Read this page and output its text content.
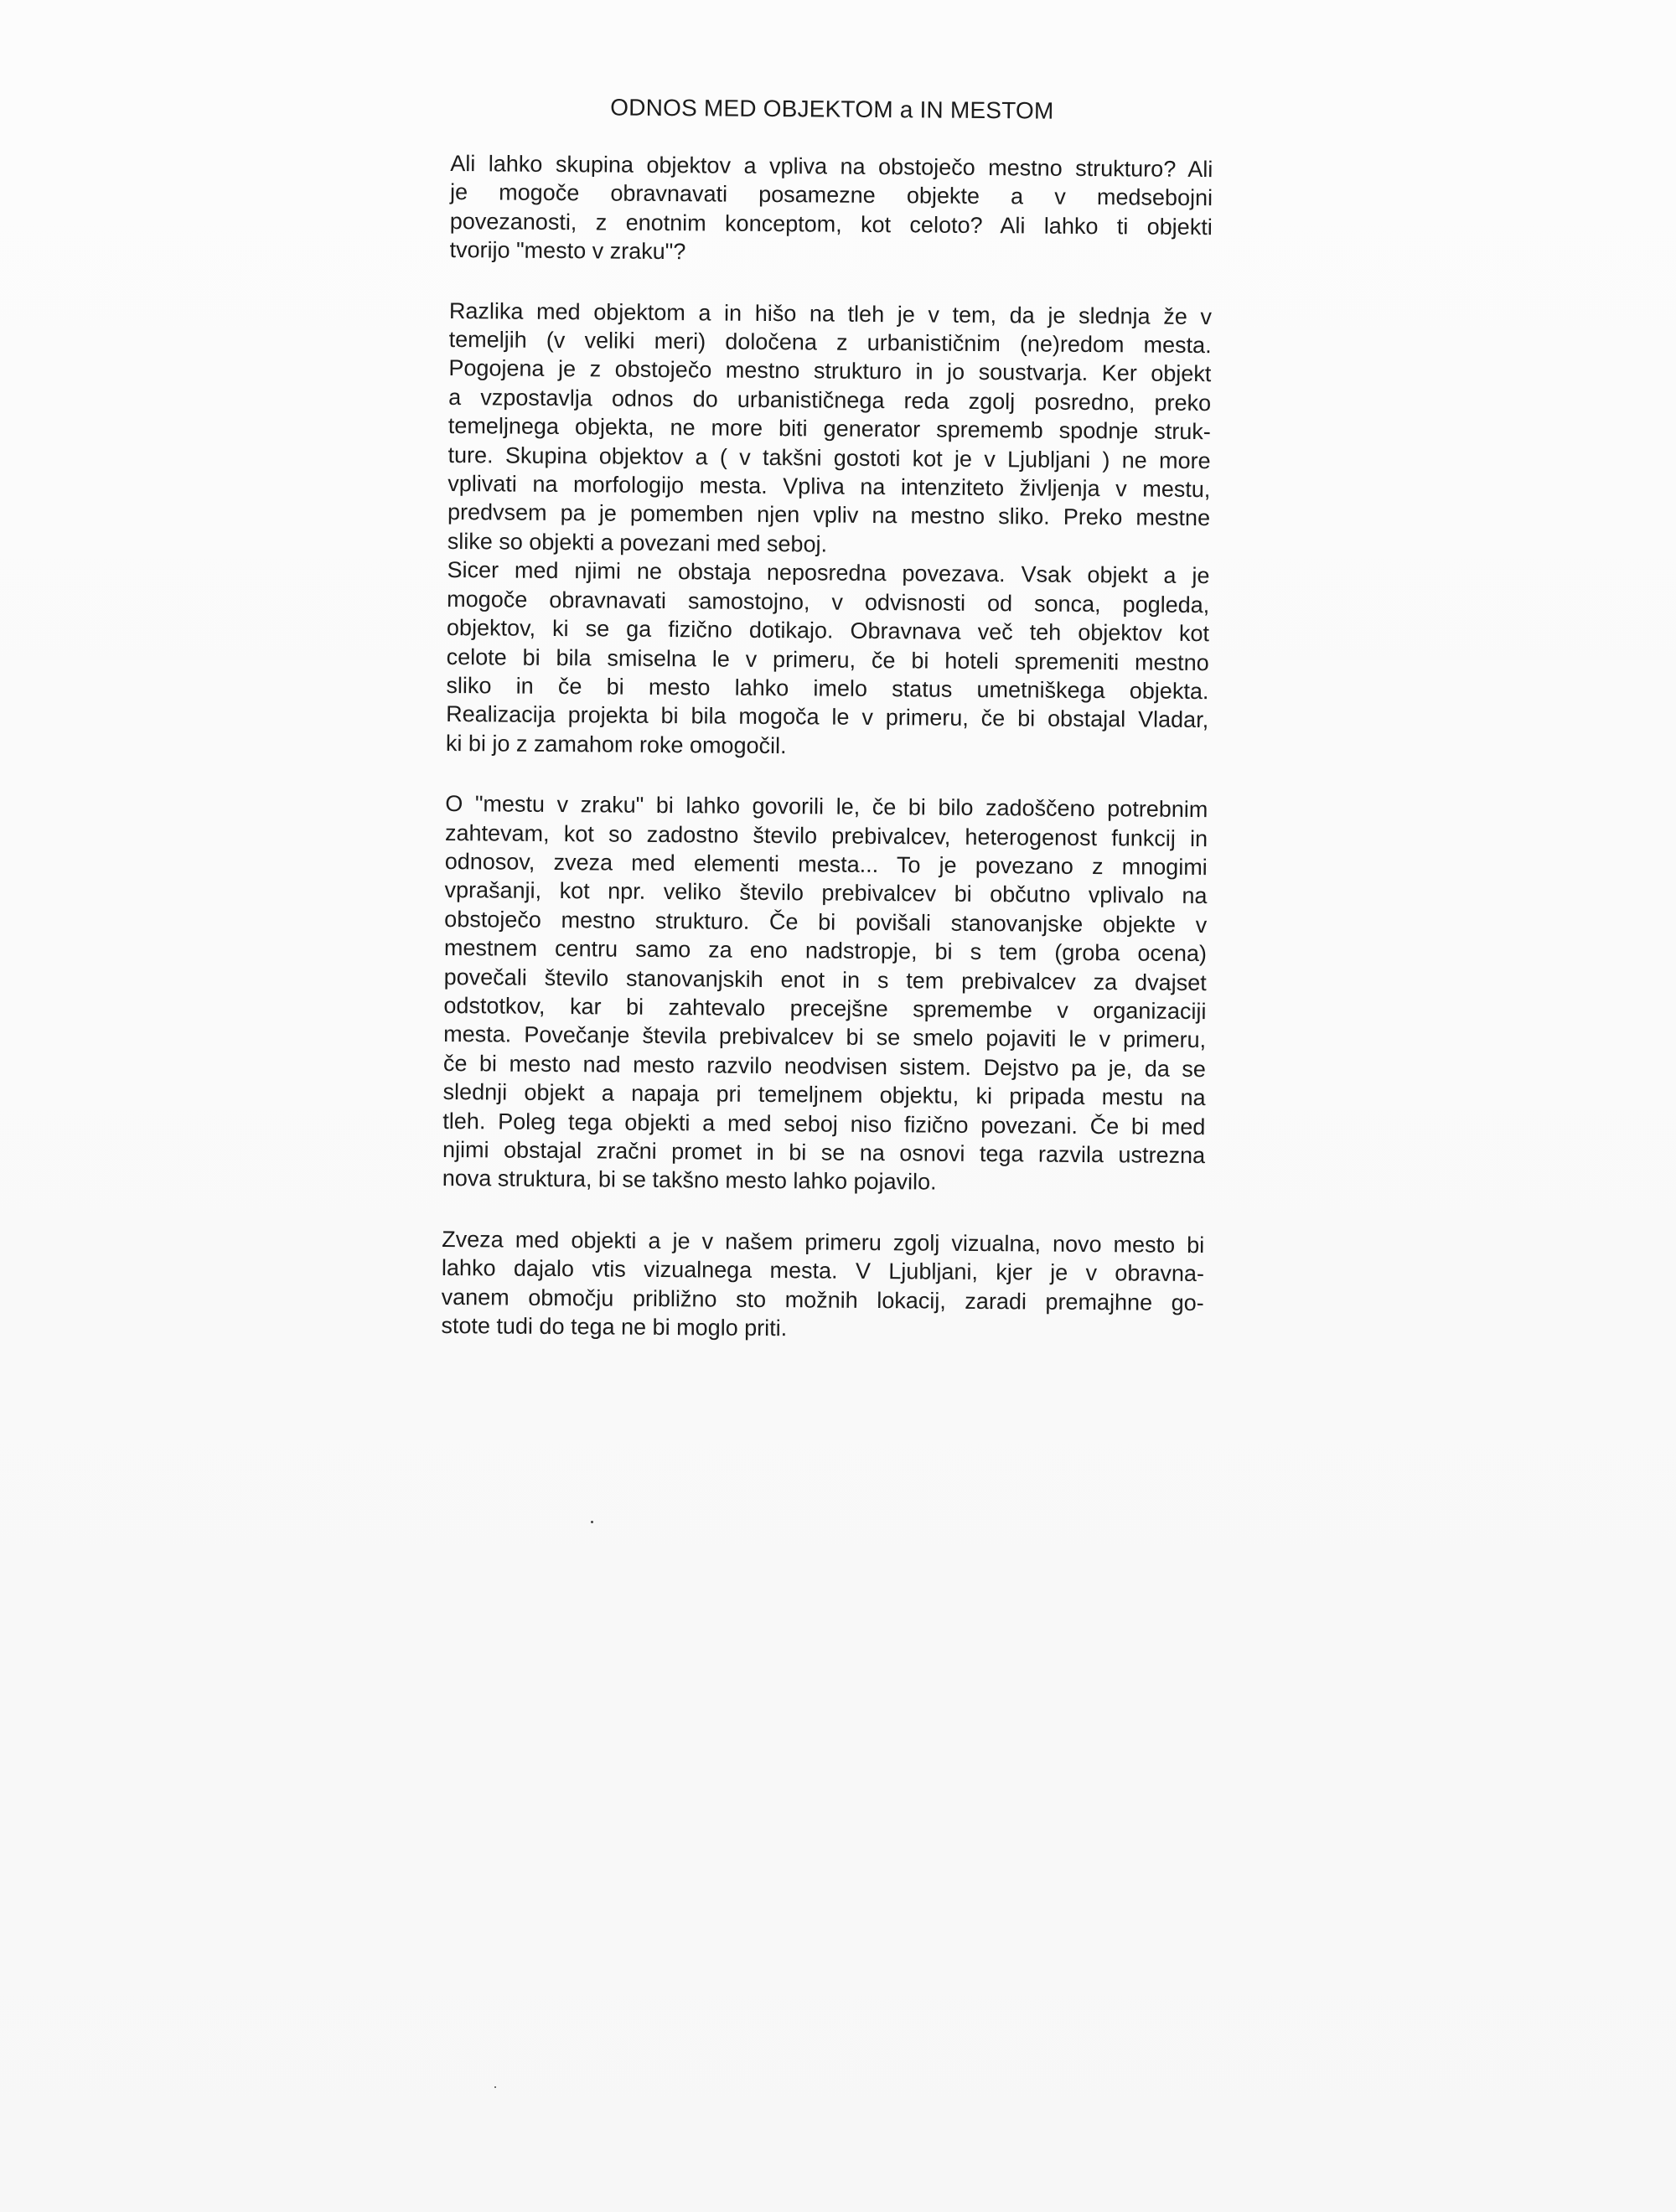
ODNOS MED OBJEKTOM a IN MESTOM
Ali lahko skupina objektov a vpliva na obstoječo mestno strukturo? Ali
je mogoče obravnavati posamezne objekte a v medsebojni
povezanosti, z enotnim konceptom, kot celoto? Ali lahko ti objekti
tvorijo "mesto v zraku"?
Razlika med objektom a in hišo na tleh je v tem, da je slednja že v
temeljih (v veliki meri) določena z urbanističnim (ne)redom mesta.
Pogojena je z obstoječo mestno strukturo in jo soustvarja. Ker objekt
a vzpostavlja odnos do urbanističnega reda zgolj posredno, preko
temeljnega objekta, ne more biti generator sprememb spodnje struk-
ture. Skupina objektov a ( v takšni gostoti kot je v Ljubljani ) ne more
vplivati na morfologijo mesta. Vpliva na intenziteto življenja v mestu,
predvsem pa je pomemben njen vpliv na mestno sliko. Preko mestne
slike so objekti a povezani med seboj.
Sicer med njimi ne obstaja neposredna povezava. Vsak objekt a je
mogoče obravnavati samostojno, v odvisnosti od sonca, pogleda,
objektov, ki se ga fizično dotikajo. Obravnava več teh objektov kot
celote bi bila smiselna le v primeru, če bi hoteli spremeniti mestno
sliko in če bi mesto lahko imelo status umetniškega objekta.
Realizacija projekta bi bila mogoča le v primeru, če bi obstajal Vladar,
ki bi jo z zamahom roke omogočil.
O "mestu v zraku" bi lahko govorili le, če bi bilo zadoščeno potrebnim
zahtevam, kot so zadostno število prebivalcev, heterogenost funkcij in
odnosov, zveza med elementi mesta... To je povezano z mnogimi
vprašanji, kot npr. veliko število prebivalcev bi občutno vplivalo na
obstoječo mestno strukturo. Če bi povišali stanovanjske objekte v
mestnem centru samo za eno nadstropje, bi s tem (groba ocena)
povečali število stanovanjskih enot in s tem prebivalcev za dvajset
odstotkov, kar bi zahtevalo precejšne spremembe v organizaciji
mesta. Povečanje števila prebivalcev bi se smelo pojaviti le v primeru,
če bi mesto nad mesto razvilo neodvisen sistem. Dejstvo pa je, da se
slednji objekt a napaja pri temeljnem objektu, ki pripada mestu na
tleh. Poleg tega objekti a med seboj niso fizično povezani. Če bi med
njimi obstajal zračni promet in bi se na osnovi tega razvila ustrezna
nova struktura, bi se takšno mesto lahko pojavilo.
Zveza med objekti a je v našem primeru zgolj vizualna, novo mesto bi
lahko dajalo vtis vizualnega mesta. V Ljubljani, kjer je v obravna-
vanem območju približno sto možnih lokacij, zaradi premajhne go-
stote tudi do tega ne bi moglo priti.
